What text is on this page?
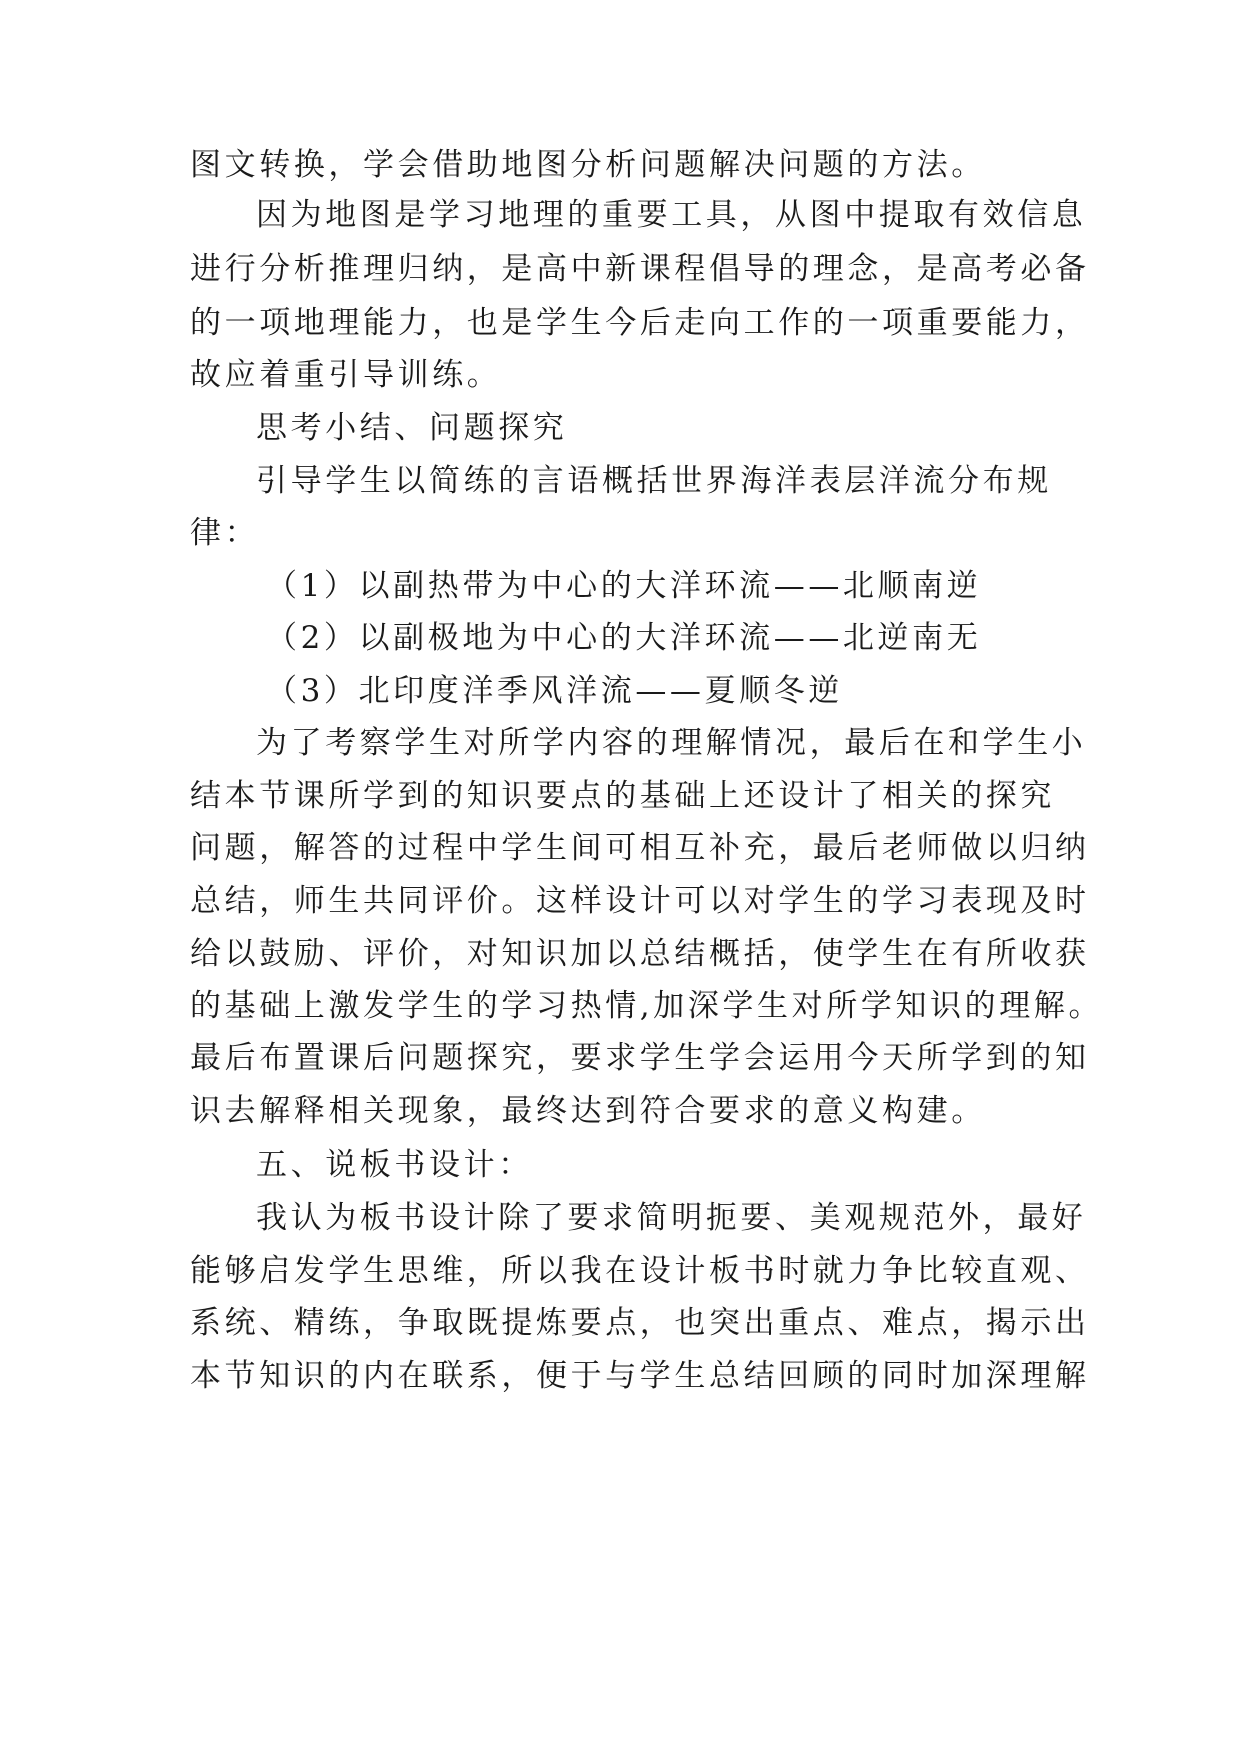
图文转换，学会借助地图分析问题解决问题的方法。
因为地图是学习地理的重要工具，从图中提取有效信息
进行分析推理归纳，是高中新课程倡导的理念，是高考必备
的一项地理能力，也是学生今后走向工作的一项重要能力，
故应着重引导训练。
思考小结、问题探究
引导学生以简练的言语概括世界海洋表层洋流分布规
律：
（1）以副热带为中心的大洋环流——北顺南逆
（2）以副极地为中心的大洋环流——北逆南无
（3）北印度洋季风洋流——夏顺冬逆
为了考察学生对所学内容的理解情况，最后在和学生小
结本节课所学到的知识要点的基础上还设计了相关的探究
问题，解答的过程中学生间可相互补充，最后老师做以归纳
总结，师生共同评价。这样设计可以对学生的学习表现及时
给以鼓励、评价，对知识加以总结概括，使学生在有所收获
的基础上激发学生的学习热情,加深学生对所学知识的理解。
最后布置课后问题探究，要求学生学会运用今天所学到的知
识去解释相关现象，最终达到符合要求的意义构建。
五、说板书设计：
我认为板书设计除了要求简明扼要、美观规范外，最好
能够启发学生思维，所以我在设计板书时就力争比较直观、
系统、精练，争取既提炼要点，也突出重点、难点，揭示出
本节知识的内在联系，便于与学生总结回顾的同时加深理解
